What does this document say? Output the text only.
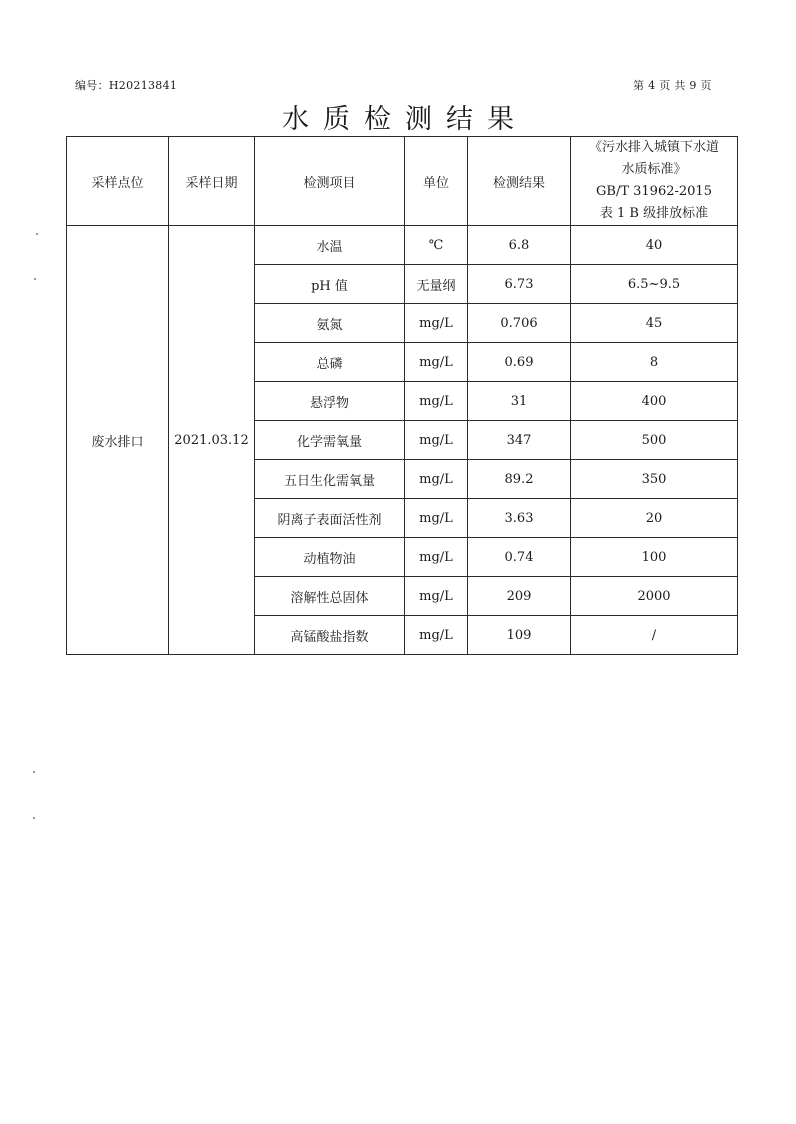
编号：H20213841	第 4 页 共 9 页
水质检测结果
采样点位	采样日期	检测项目	单位	检测结果	《污水排入城镇下水道
水质标准》
GB/T 31962-2015
表 1 B 级排放标准

废水排口	2021.03.12	水温	℃	6.8	40
		pH 值	无量纲	6.73	6.5~9.5
		氨氮	mg/L	0.706	45
		总磷	mg/L	0.69	8
		悬浮物	mg/L	31	400
		化学需氧量	mg/L	347	500
		五日生化需氧量	mg/L	89.2	350
		阴离子表面活性剂	mg/L	3.63	20
		动植物油	mg/L	0.74	100
		溶解性总固体	mg/L	209	2000
		高锰酸盐指数	mg/L	109	/
